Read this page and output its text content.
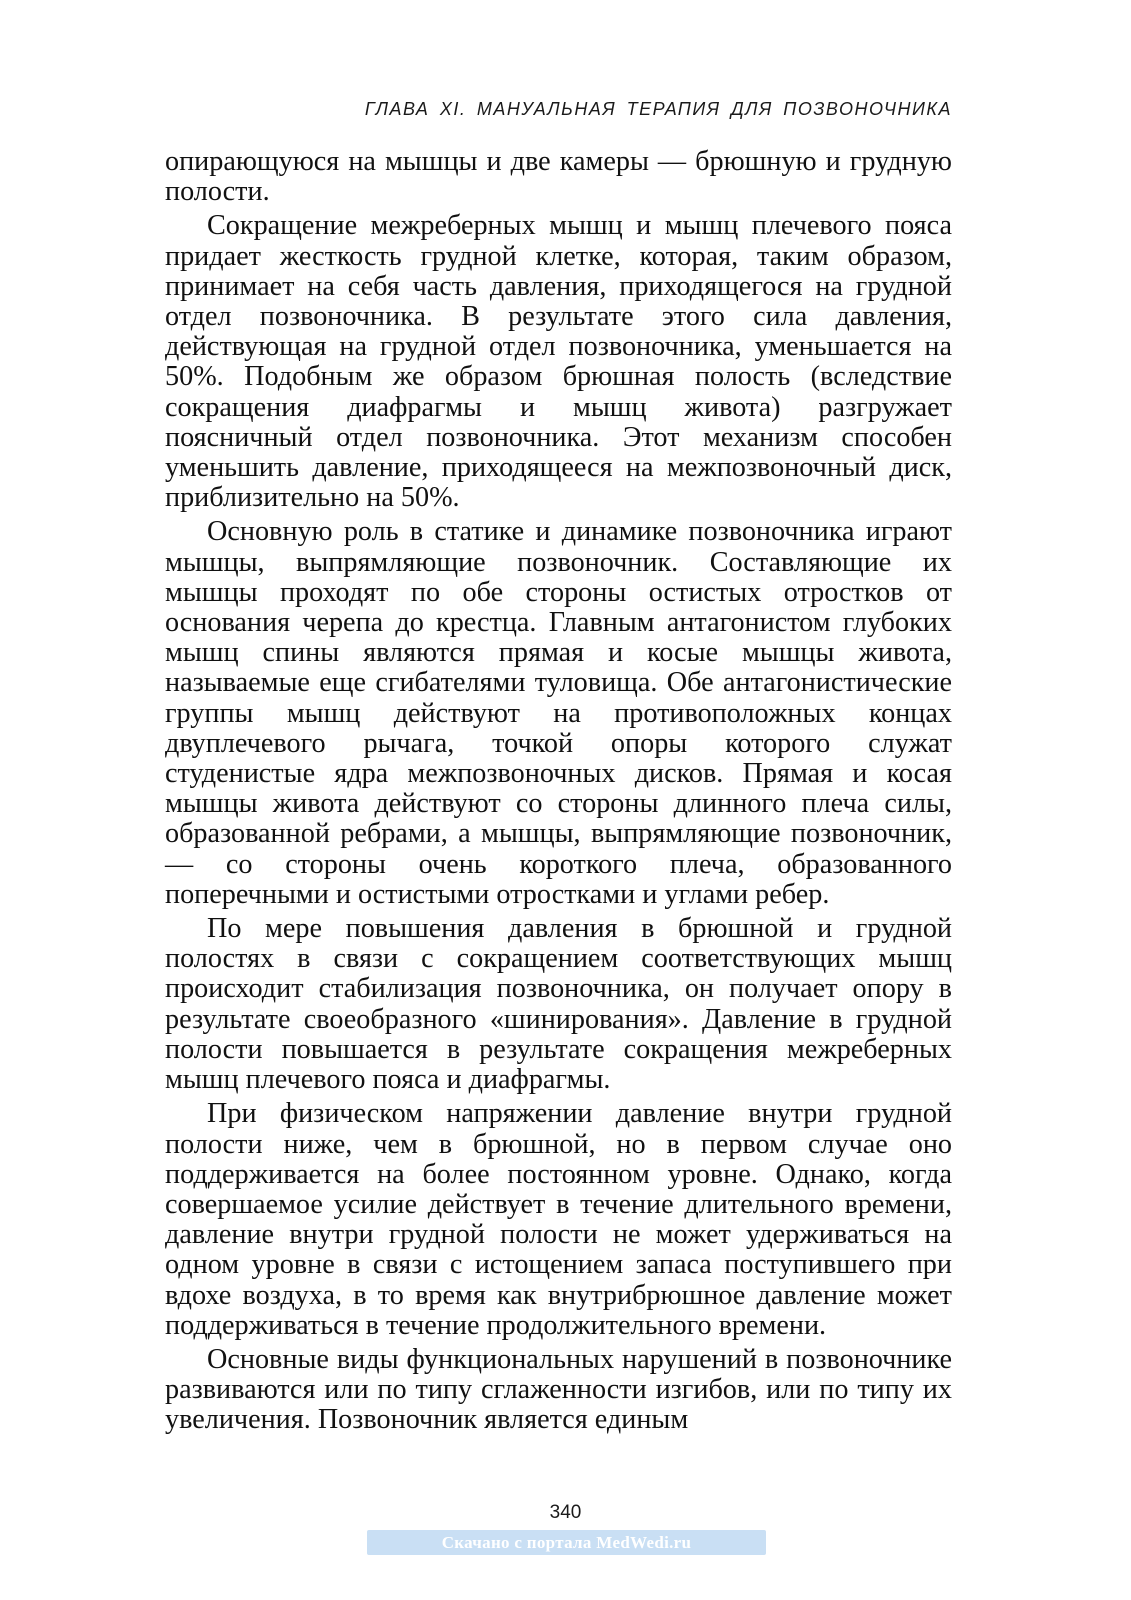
ГЛАВА XI. МАНУАЛЬНАЯ ТЕРАПИЯ ДЛЯ ПОЗВОНОЧНИКА

опирающуюся на мышцы и две камеры — брюшную и грудную полости.

Сокращение межреберных мышц и мышц плечевого пояса придает жесткость грудной клетке, которая, таким образом, принимает на себя часть давления, приходящегося на грудной отдел позвоночника. В результате этого сила давления, действующая на грудной отдел позвоночника, уменьшается на 50%. Подобным же образом брюшная полость (вследствие сокращения диафрагмы и мышц живота) разгружает поясничный отдел позвоночника. Этот механизм способен уменьшить давление, приходящееся на межпозвоночный диск, приблизительно на 50%.

Основную роль в статике и динамике позвоночника играют мышцы, выпрямляющие позвоночник. Составляющие их мышцы проходят по обе стороны остистых отростков от основания черепа до крестца. Главным антагонистом глубоких мышц спины являются прямая и косые мышцы живота, называемые еще сгибателями туловища. Обе антагонистические группы мышц действуют на противоположных концах двуплечевого рычага, точкой опоры которого служат студенистые ядра межпозвоночных дисков. Прямая и косая мышцы живота действуют со стороны длинного плеча силы, образованной ребрами, а мышцы, выпрямляющие позвоночник,— со стороны очень короткого плеча, образованного поперечными и остистыми отростками и углами ребер.

По мере повышения давления в брюшной и грудной полостях в связи с сокращением соответствующих мышц происходит стабилизация позвоночника, он получает опору в результате своеобразного «шинирования». Давление в грудной полости повышается в результате сокращения межреберных мышц плечевого пояса и диафрагмы.

При физическом напряжении давление внутри грудной полости ниже, чем в брюшной, но в первом случае оно поддерживается на более постоянном уровне. Однако, когда совершаемое усилие действует в течение длительного времени, давление внутри грудной полости не может удерживаться на одном уровне в связи с истощением запаса поступившего при вдохе воздуха, в то время как внутрибрюшное давление может поддерживаться в течение продолжительного времени.

Основные виды функциональных нарушений в позвоночнике развиваются или по типу сглаженности изгибов, или по типу их увеличения. Позвоночник является единым

340
Скачано с портала MedWedi.ru
